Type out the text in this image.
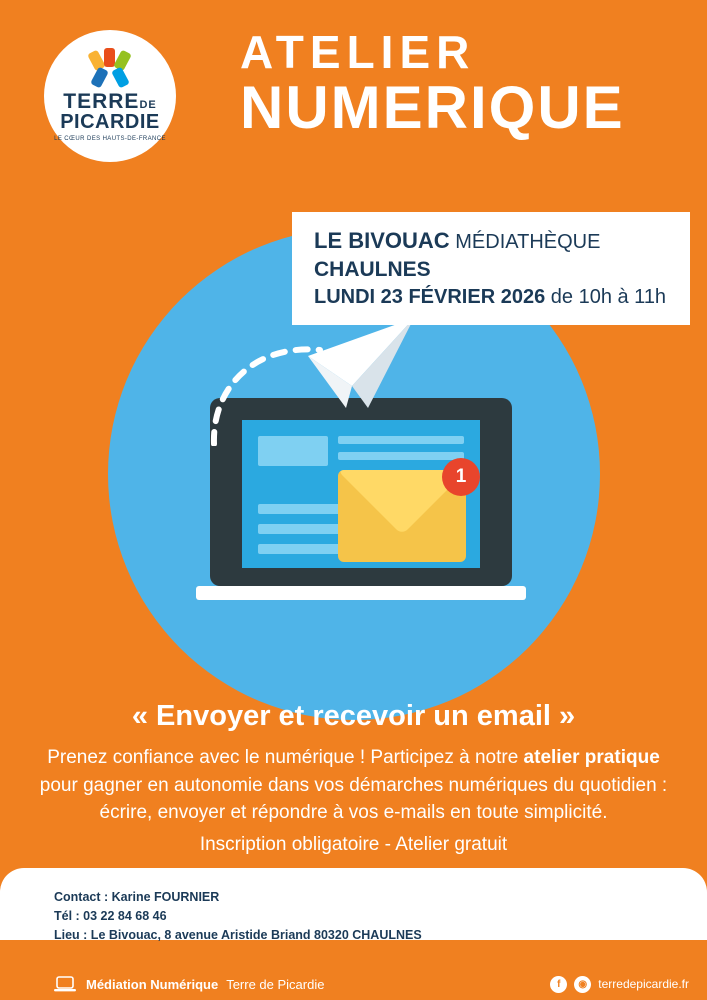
TERREDE
PICARDIE
LE CŒUR DES HAUTS-DE-FRANCE
ATELIER
NUMERIQUE
1
LE BIVOUAC MÉDIATHÈQUE
CHAULNES
LUNDI 23 FÉVRIER 2026 de 10h à 11h
« Envoyer et recevoir un email »
Prenez confiance avec le numérique ! Participez à notre atelier pratique pour gagner en autonomie dans vos démarches numériques du quotidien : écrire, envoyer et répondre à vos e-mails en toute simplicité.
Inscription obligatoire - Atelier gratuit
Contact : Karine FOURNIER
Tél : 03 22 84 68 46
Lieu : Le Bivouac, 8 avenue Aristide Briand 80320 CHAULNES
Médiation Numérique Terre de Picardie	f	◉ terredepicardie.fr
